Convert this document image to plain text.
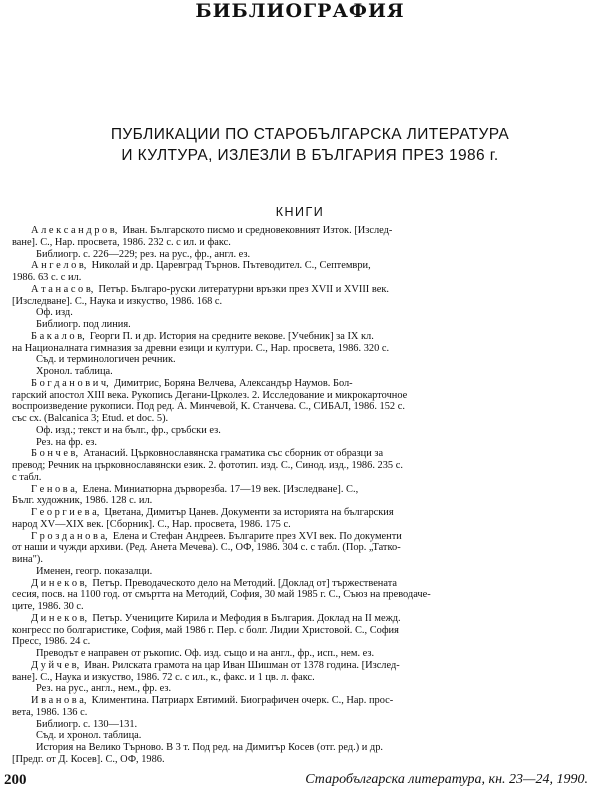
БИБЛИОГРАФИЯ
ПУБЛИКАЦИИ ПО СТАРОБЪЛГАРСКА ЛИТЕРАТУРА
И КУЛТУРА, ИЗЛЕЗЛИ В БЪЛГАРИЯ ПРЕЗ 1986 г.
КНИГИ
А л е к с а н д р о в,  Иван. Българското писмо и средновековният Изток. [Изслед-
ване]. С., Нар. просвета, 1986. 232 с. с ил. и факс.
Библиогр. с. 226—229; рез. на рус., фр., англ. ез.
А н г е л о в,  Николай и др. Царевград Търнов. Пътеводител. С., Септември,
1986. 63 с. с ил.
А т а н а с о в,  Петър. Българо-руски литературни връзки през XVII и XVIII век.
[Изследване]. С., Наука и изкуство, 1986. 168 с.
Оф. изд.
Библиогр. под линия.
Б а к а л о в,  Георги П. и др. История на средните векове. [Учебник] за IX кл.
на Националната гимназия за древни езици и култури. С., Нар. просвета, 1986. 320 с.
Съд. и терминологичен речник.
Хронол. таблица.
Б о г д а н о в и ч,  Димитрис, Боряна Велчева, Александър Наумов. Бол-
гарский апостол XIII века. Рукопись Дегани-Црколез. 2. Исследование и микрокарточное
воспроизведение рукописи. Под ред. А. Минчевой, К. Станчева. С., СИБАЛ, 1986. 152 с.
със сх. (Balcanica 3; Etud. et doc. 5).
Оф. изд.; текст и на бълг., фр., сръбски ез.
Рез. на фр. ез.
Б о н ч е в,  Атанасий. Църковнославянска граматика със сборник от образци за
превод; Речник на църковнославянски език. 2. фототип. изд. С., Синод. изд., 1986. 235 с.
с табл.
Г е н о в а,  Елена. Миниатюрна дърворезба. 17—19 век. [Изследване]. С.,
Бълг. художник, 1986. 128 с. ил.
Г е о р г и е в а,  Цветана, Димитър Цанев. Документи за историята на българския
народ XV—XIX век. [Сборник]. С., Нар. просвета, 1986. 175 с.
Г р о з д а н о в а,  Елена и Стефан Андреев. Българите през XVI век. По документи
от наши и чужди архиви. (Ред. Анета Мечева). С., ОФ, 1986. 304 с. с табл. (Пор. „Татко-
вина").
Именен, геогр. показалци.
Д и н е к о в,  Петър. Преводаческото дело на Методий. [Доклад от] тържествената
сесия, посв. на 1100 год. от смъртта на Методий, София, 30 май 1985 г. С., Съюз на преводаче-
ците, 1986. 30 с.
Д и н е к о в,  Петър. Учениците Кирила и Мефодия в България. Доклад на II межд.
конгресс по болгаристике, София, май 1986 г. Пер. с болг. Лидии Христовой. С., София
Пресс, 1986. 24 с.
Преводът е направен от ръкопис. Оф. изд. също и на англ., фр., исп., нем. ез.
Д у й ч е в,  Иван. Рилската грамота на цар Иван Шишман от 1378 година. [Изслед-
ване]. С., Наука и изкуство, 1986. 72 с. с ил., к., факс. и 1 цв. л. факс.
Рез. на рус., англ., нем., фр. ез.
И в а н о в а,  Климентина. Патриарх Евтимий. Биографичен очерк. С., Нар. прос-
вета, 1986. 136 с.
Библиогр. с. 130—131.
Съд. и хронол. таблица.
История на Велико Търново. В 3 т. Под ред. на Димитър Косев (отг. ред.) и др.
[Предг. от Д. Косев]. С., ОФ, 1986.
200	Старобългарска литература, кн. 23—24, 1990.
